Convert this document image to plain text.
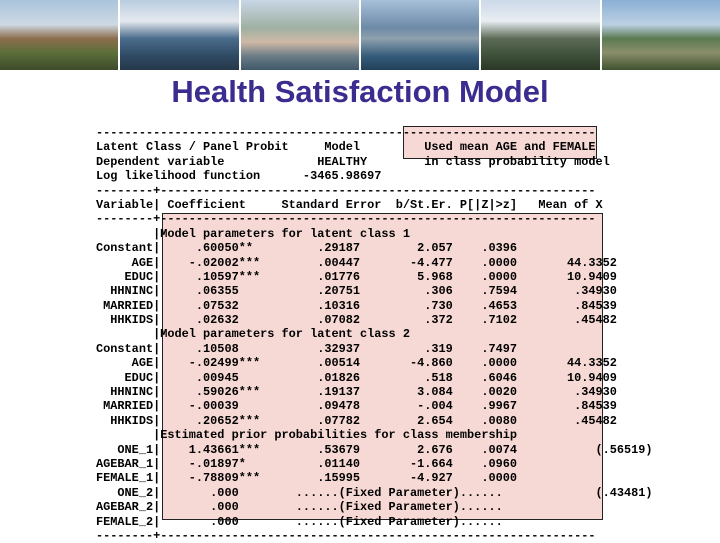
Health Satisfaction Model
----------------------------------------------------------------------
Latent Class / Panel Probit     Model         Used mean AGE and FEMALE
Dependent variable             HEALTHY        in class probability model
Log likelihood function      -3465.98697
--------+-------------------------------------------------------------
Variable| Coefficient     Standard Error  b/St.Er. P[|Z|>z]   Mean of X
--------+-------------------------------------------------------------
|Model parameters for latent class 1
Constant|     .60050**         .29187        2.057    .0396
AGE|    -.02002***        .00447       -4.477    .0000       44.3352
EDUC|     .10597***        .01776        5.968    .0000       10.9409
HHNINC|     .06355           .20751         .306    .7594        .34930
MARRIED|     .07532           .10316         .730    .4653        .84539
HHKIDS|     .02632           .07082         .372    .7102        .45482
|Model parameters for latent class 2
Constant|     .10508           .32937         .319    .7497
AGE|    -.02499***        .00514       -4.860    .0000       44.3352
EDUC|     .00945           .01826         .518    .6046       10.9409
HHNINC|     .59026***        .19137        3.084    .0020        .34930
MARRIED|    -.00039           .09478        -.004    .9967        .84539
HHKIDS|     .20652***        .07782        2.654    .0080        .45482
|Estimated prior probabilities for class membership
ONE_1|    1.43661***        .53679        2.676    .0074           (.56519)
AGEBAR_1|    -.01897*          .01140       -1.664    .0960
FEMALE_1|    -.78809***        .15995       -4.927    .0000
ONE_2|       .000        ......(Fixed Parameter)......             (.43481)
AGEBAR_2|       .000        ......(Fixed Parameter)......
FEMALE_2|       .000        ......(Fixed Parameter)......
--------+-------------------------------------------------------------
